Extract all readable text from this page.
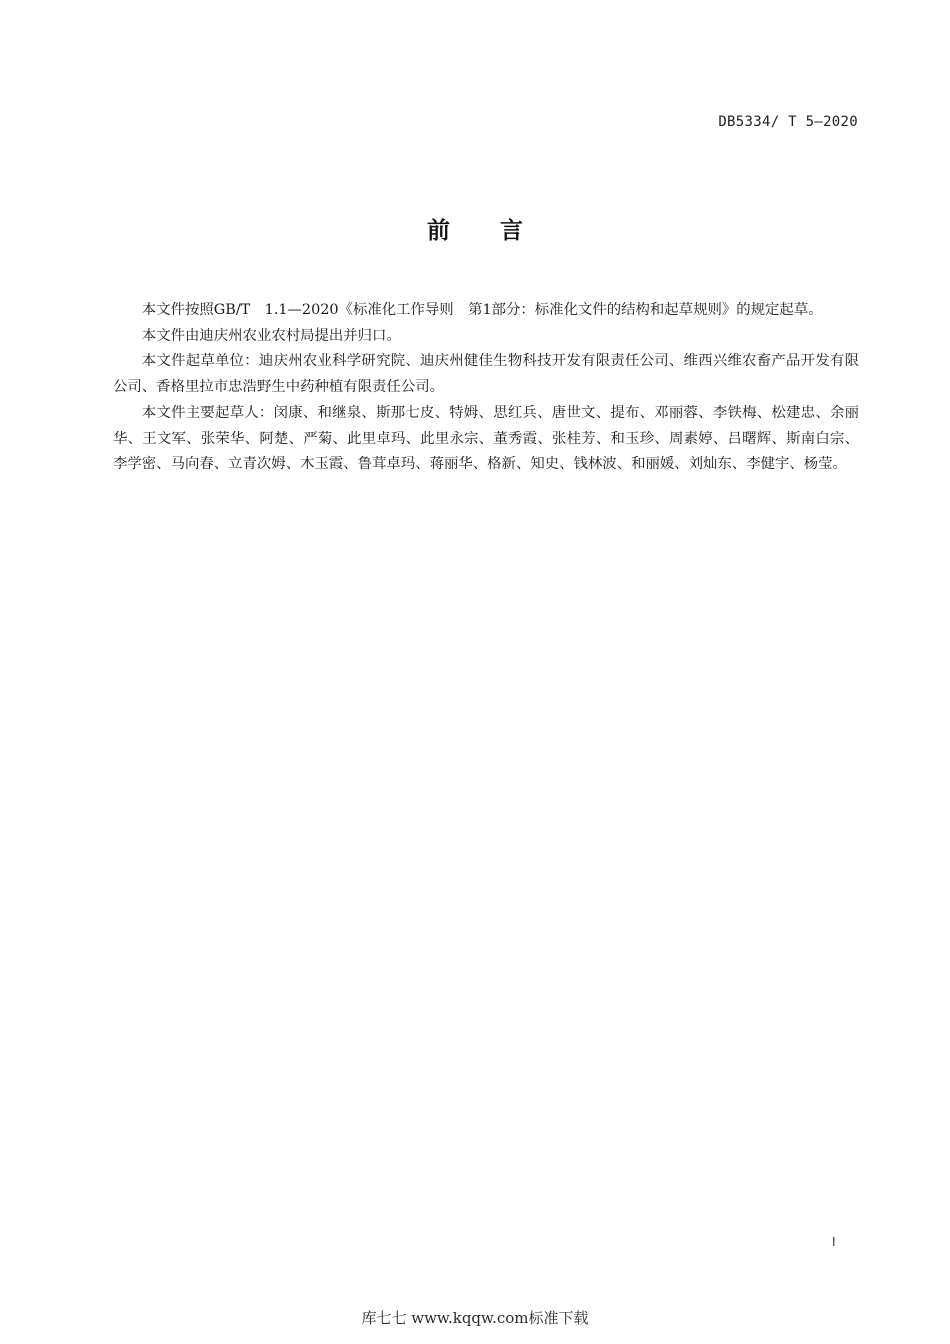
DB5334/ T 5—2020
前言

本文件按照GB/T　1.1—2020《标准化工作导则　第1部分：标准化文件的结构和起草规则》的规定起草。

本文件由迪庆州农业农村局提出并归口。

本文件起草单位：迪庆州农业科学研究院、迪庆州健佳生物科技开发有限责任公司、维西兴维农畜产品开发有限公司、香格里拉市忠浩野生中药种植有限责任公司。

本文件主要起草人：闵康、和继泉、斯那七皮、特姆、思红兵、唐世文、提布、邓丽蓉、李铁梅、松建忠、余丽华、王文军、张荣华、阿楚、严菊、此里卓玛、此里永宗、董秀霞、张桂芳、和玉珍、周素婷、吕曙辉、斯南白宗、李学密、马向春、立青次姆、木玉霞、鲁茸卓玛、蒋丽华、格新、知史、钱林波、和丽媛、刘灿东、李健宇、杨莹。

I
库七七 www.kqqw.com标准下载
